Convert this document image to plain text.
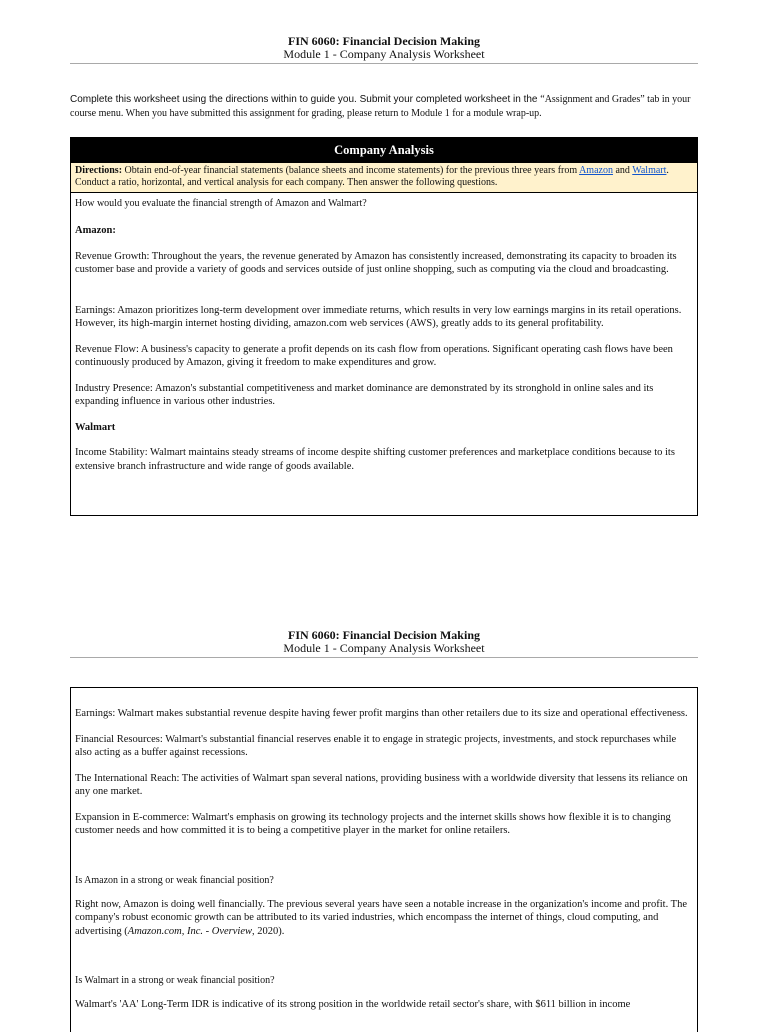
FIN 6060: Financial Decision Making
Module 1 - Company Analysis Worksheet
Complete this worksheet using the directions within to guide you. Submit your completed worksheet in the “Assignment and Grades” tab in your course menu. When you have submitted this assignment for grading, please return to Module 1 for a module wrap-up.
Company Analysis
Directions: Obtain end-of-year financial statements (balance sheets and income statements) for the previous three years from Amazon and Walmart. Conduct a ratio, horizontal, and vertical analysis for each company. Then answer the following questions.

How would you evaluate the financial strength of Amazon and Walmart?

Amazon:

Revenue Growth: Throughout the years, the revenue generated by Amazon has consistently increased, demonstrating its capacity to broaden its customer base and provide a variety of goods and services outside of just online shopping, such as computing via the cloud and broadcasting.

Earnings: Amazon prioritizes long-term development over immediate returns, which results in very low earnings margins in its retail operations. However, its high-margin internet hosting dividing, amazon.com web services (AWS), greatly adds to its general profitability.

Revenue Flow: A business's capacity to generate a profit depends on its cash flow from operations. Significant operating cash flows have been continuously produced by Amazon, giving it freedom to make expenditures and grow.

Industry Presence: Amazon's substantial competitiveness and market dominance are demonstrated by its stronghold in online sales and its expanding influence in various other industries.

Walmart

Income Stability: Walmart maintains steady streams of income despite shifting customer preferences and marketplace conditions because to its extensive branch infrastructure and wide range of goods available.

FIN 6060: Financial Decision Making
Module 1 - Company Analysis Worksheet

Earnings: Walmart makes substantial revenue despite having fewer profit margins than other retailers due to its size and operational effectiveness.

Financial Resources: Walmart's substantial financial reserves enable it to engage in strategic projects, investments, and stock repurchases while also acting as a buffer against recessions.

The International Reach: The activities of Walmart span several nations, providing business with a worldwide diversity that lessens its reliance on any one market.

Expansion in E-commerce: Walmart's emphasis on growing its technology projects and the internet skills shows how flexible it is to changing customer needs and how committed it is to being a competitive player in the market for online retailers.

Is Amazon in a strong or weak financial position?

Right now, Amazon is doing well financially. The previous several years have seen a notable increase in the organization's income and profit. The company's robust economic growth can be attributed to its varied industries, which encompass the internet of things, cloud computing, and advertising (Amazon.com, Inc. - Overview, 2020).

Is Walmart in a strong or weak financial position?

Walmart's 'AA' Long-Term IDR is indicative of its strong position in the worldwide retail sector's share, with $611 billion in income
